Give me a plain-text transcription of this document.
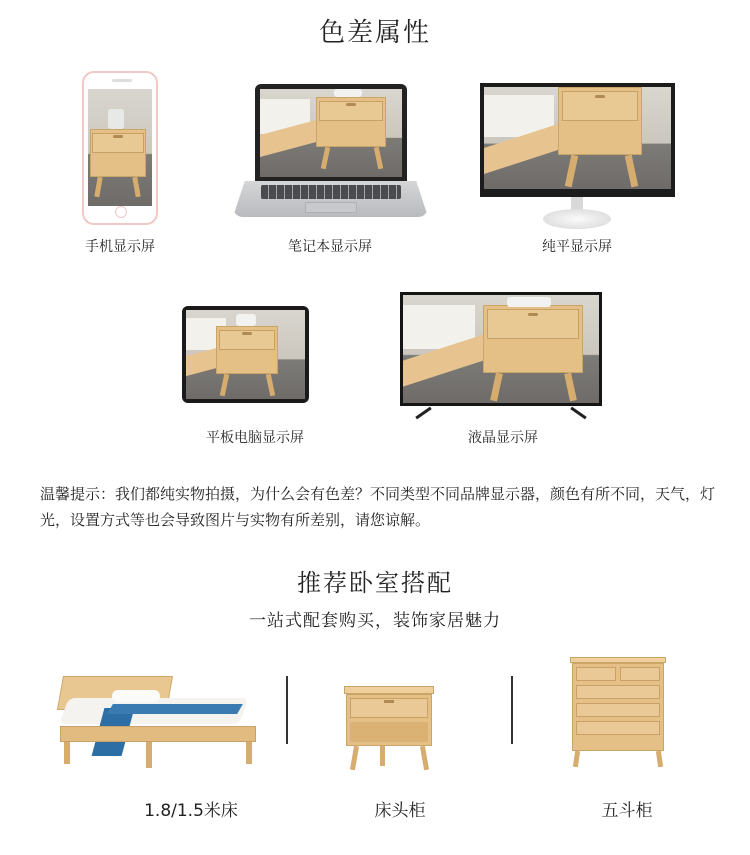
色差属性
手机显示屏	笔记本显示屏	纯平显示屏
平板电脑显示屏	液晶显示屏
温馨提示：我们都纯实物拍摄，为什么会有色差？不同类型不同品牌显示器，颜色有所不同，天气，灯光，设置方式等也会导致图片与实物有所差别，请您谅解。
推荐卧室搭配
一站式配套购买，装饰家居魅力
1.8/1.5米床	床头柜	五斗柜
